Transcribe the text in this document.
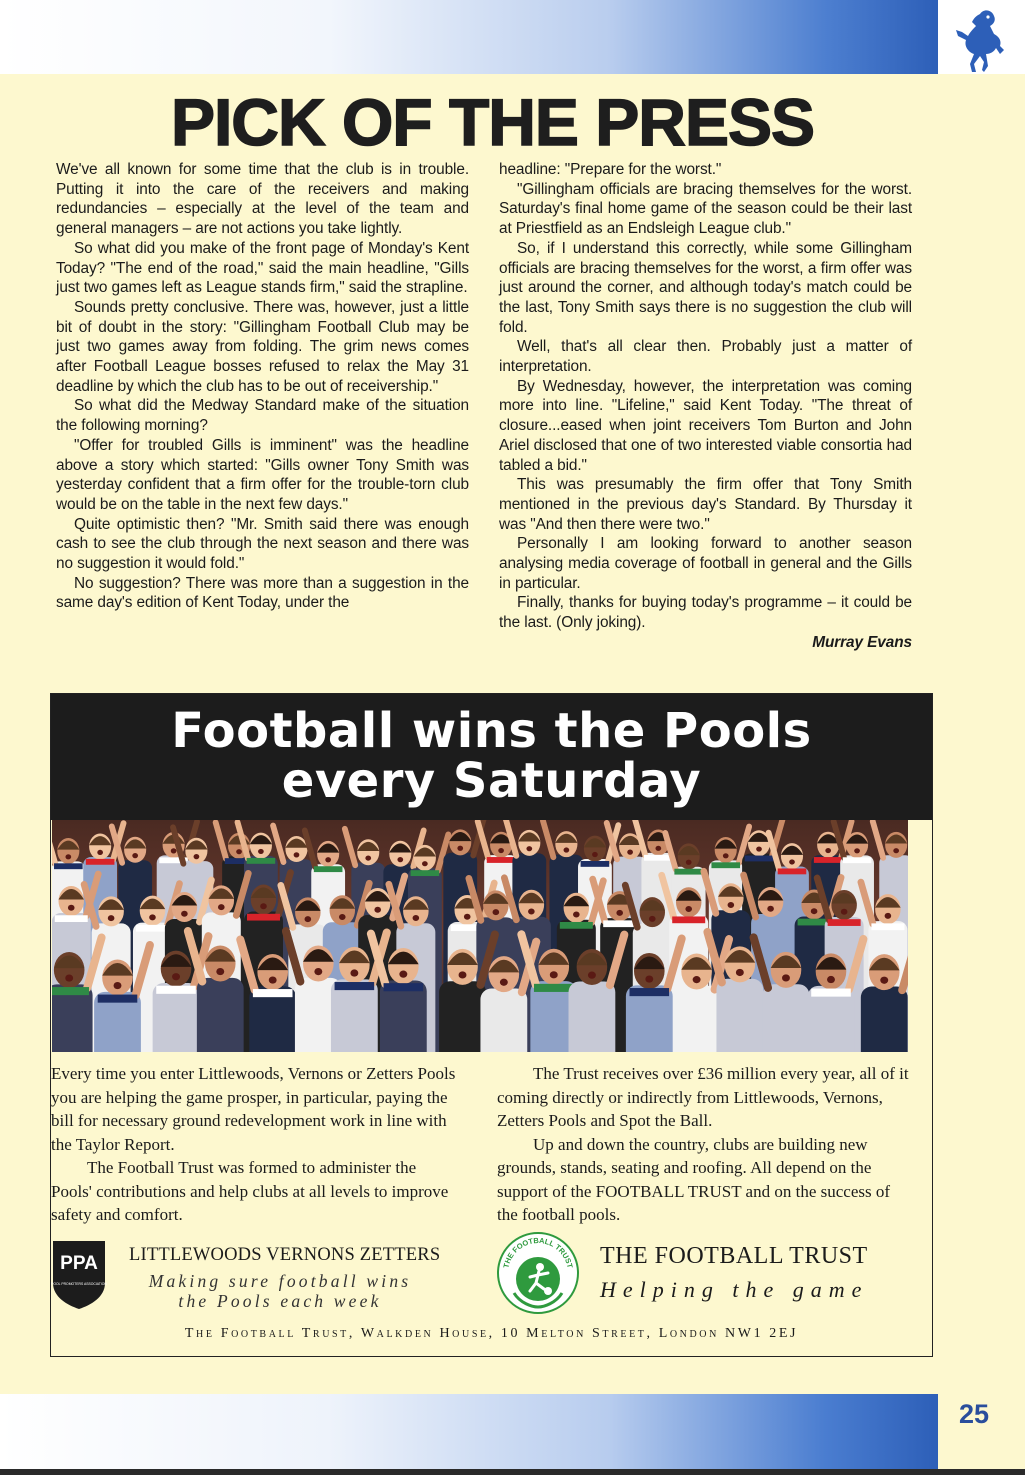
25
PICK OF THE PRESS

We've all known for some time that the club is in trouble. Putting it into the care of the receivers and making redundancies – especially at the level of the team and general managers – are not actions you take lightly.

So what did you make of the front page of Monday's Kent Today? "The end of the road," said the main headline, "Gills just two games left as League stands firm," said the strapline.

Sounds pretty conclusive. There was, however, just a little bit of doubt in the story: "Gillingham Football Club may be just two games away from folding. The grim news comes after Football League bosses refused to relax the May 31 deadline by which the club has to be out of receivership."

So what did the Medway Standard make of the situation the following morning?

"Offer for troubled Gills is imminent" was the headline above a story which started: "Gills owner Tony Smith was yesterday confident that a firm offer for the trouble-torn club would be on the table in the next few days."

Quite optimistic then? "Mr. Smith said there was enough cash to see the club through the next season and there was no suggestion it would fold."

No suggestion? There was more than a suggestion in the same day's edition of Kent Today, under the

headline: "Prepare for the worst."

"Gillingham officials are bracing themselves for the worst. Saturday's final home game of the season could be their last at Priestfield as an Endsleigh League club."

So, if I understand this correctly, while some Gillingham officials are bracing themselves for the worst, a firm offer was just around the corner, and although today's match could be the last, Tony Smith says there is no suggestion the club will fold.

Well, that's all clear then. Probably just a matter of interpretation.

By Wednesday, however, the interpretation was coming more into line. "Lifeline," said Kent Today. "The threat of closure...eased when joint receivers Tom Burton and John Ariel disclosed that one of two interested viable consortia had tabled a bid."

This was presumably the firm offer that Tony Smith mentioned in the previous day's Standard. By Thursday it was "And then there were two."

Personally I am looking forward to another season analysing media coverage of football in general and the Gills in particular.

Finally, thanks for buying today's programme – it could be the last. (Only joking).

Murray Evans

Football wins the Pools
every Saturday

Every time you enter Littlewoods, Vernons or Zetters Pools you are helping the game prosper, in particular, paying the bill for necessary ground redevelopment work in line with the Taylor Report.

The Football Trust was formed to administer the Pools' contributions and help clubs at all levels to improve safety and comfort.

The Trust receives over £36 million every year, all of it coming directly or indirectly from Littlewoods, Vernons, Zetters Pools and Spot the Ball.

Up and down the country, clubs are building new grounds, stands, seating and roofing. All depend on the support of the FOOTBALL TRUST and on the success of the football pools.

PPA
POOL PROMOTERS ASSOCIATION
LITTLEWOODS VERNONS ZETTERS
Making sure football wins
the Pools each week
THE FOOTBALL TRUST THE FOOTBALL TRUST
Helping the game
The Football Trust, Walkden House, 10 Melton Street, London NW1 2EJ
